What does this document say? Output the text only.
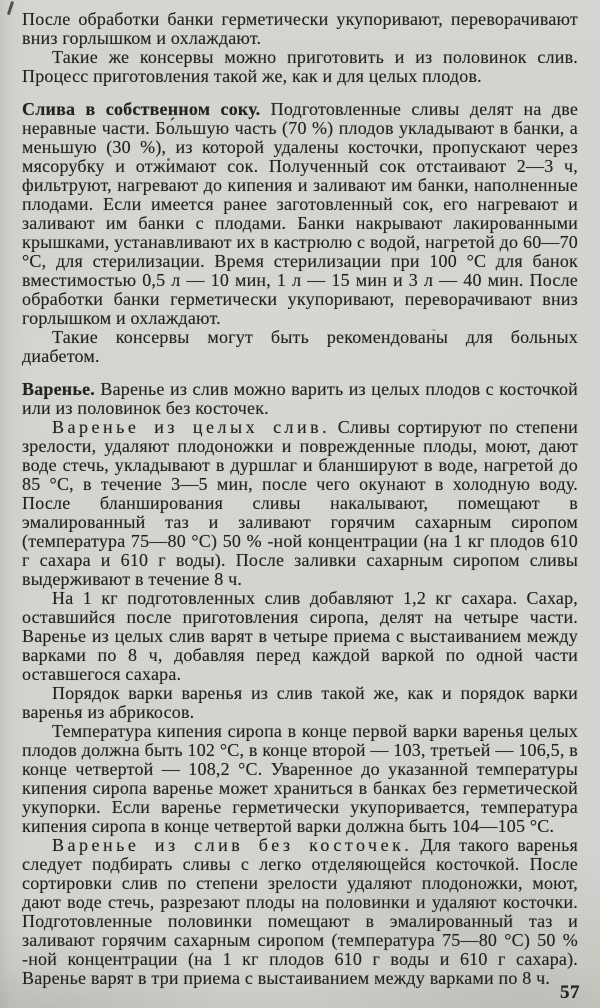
После обработки банки герметически укупоривают, переворачивают вниз горлышком и охлаждают.

Такие же консервы можно приготовить и из половинок слив. Процесс приготовления такой же, как и для целых плодов.

Слива в собственном соку. Подготовленные сливы делят на две неравные части. Бо́льшую часть (70 %) плодов укладывают в банки, а меньшую (30 %), из которой удалены косточки, пропускают через мясорубку и отжимают сок. Полученный сок отстаивают 2—3 ч, фильтруют, нагревают до кипения и заливают им банки, наполненные плодами. Если имеется ранее заготовленный сок, его нагревают и заливают им банки с плодами. Банки накрывают лакированными крышками, устанавливают их в кастрюлю с водой, нагретой до 60—70 °С, для стерилизации. Время стерилизации при 100 °С для банок вместимостью 0,5 л — 10 мин, 1 л — 15 мин и 3 л — 40 мин. После обработки банки герметически укупоривают, переворачивают вниз горлышком и охлаждают.

Такие консервы могут быть рекомендованы для больных диабетом.

Варенье. Варенье из слив можно варить из целых плодов с косточкой или из половинок без косточек.

Варенье из целых слив. Сливы сортируют по степени зрелости, удаляют плодоножки и поврежденные плоды, моют, дают воде стечь, укладывают в дуршлаг и бланшируют в воде, нагретой до 85 °С, в течение 3—5 мин, после чего окунают в холодную воду. После бланширования сливы накалывают, помещают в эмалированный таз и заливают горячим сахарным сиропом (температура 75—80 °С) 50 % -ной концентрации (на 1 кг плодов 610 г сахара и 610 г воды). После заливки сахарным сиропом сливы выдерживают в течение 8 ч.

На 1 кг подготовленных слив добавляют 1,2 кг сахара. Сахар, оставшийся после приготовления сиропа, делят на четыре части. Варенье из целых слив варят в четыре приема с выстаиванием между варками по 8 ч, добавляя перед каждой варкой по одной части оставшегося сахара.

Порядок варки варенья из слив такой же, как и порядок варки варенья из абрикосов.

Температура кипения сиропа в конце первой варки варенья целых плодов должна быть 102 °С, в конце второй — 103, третьей — 106,5, в конце четвертой — 108,2 °С. Уваренное до указанной температуры кипения сиропа варенье может храниться в банках без герметической укупорки. Если варенье герметически укупоривается, температура кипения сиропа в конце четвертой варки должна быть 104—105 °С.

Варенье из слив без косточек. Для такого варенья следует подбирать сливы с легко отделяющейся косточкой. После сортировки слив по степени зрелости удаляют плодоножки, моют, дают воде стечь, разрезают плоды на половинки и удаляют косточки. Подготовленные половинки помещают в эмалированный таз и заливают горячим сахарным сиропом (температура 75—80 °С) 50 % -ной концентрации (на 1 кг плодов 610 г воды и 610 г сахара). Варенье варят в три приема с выстаиванием между варками по 8 ч.

57
